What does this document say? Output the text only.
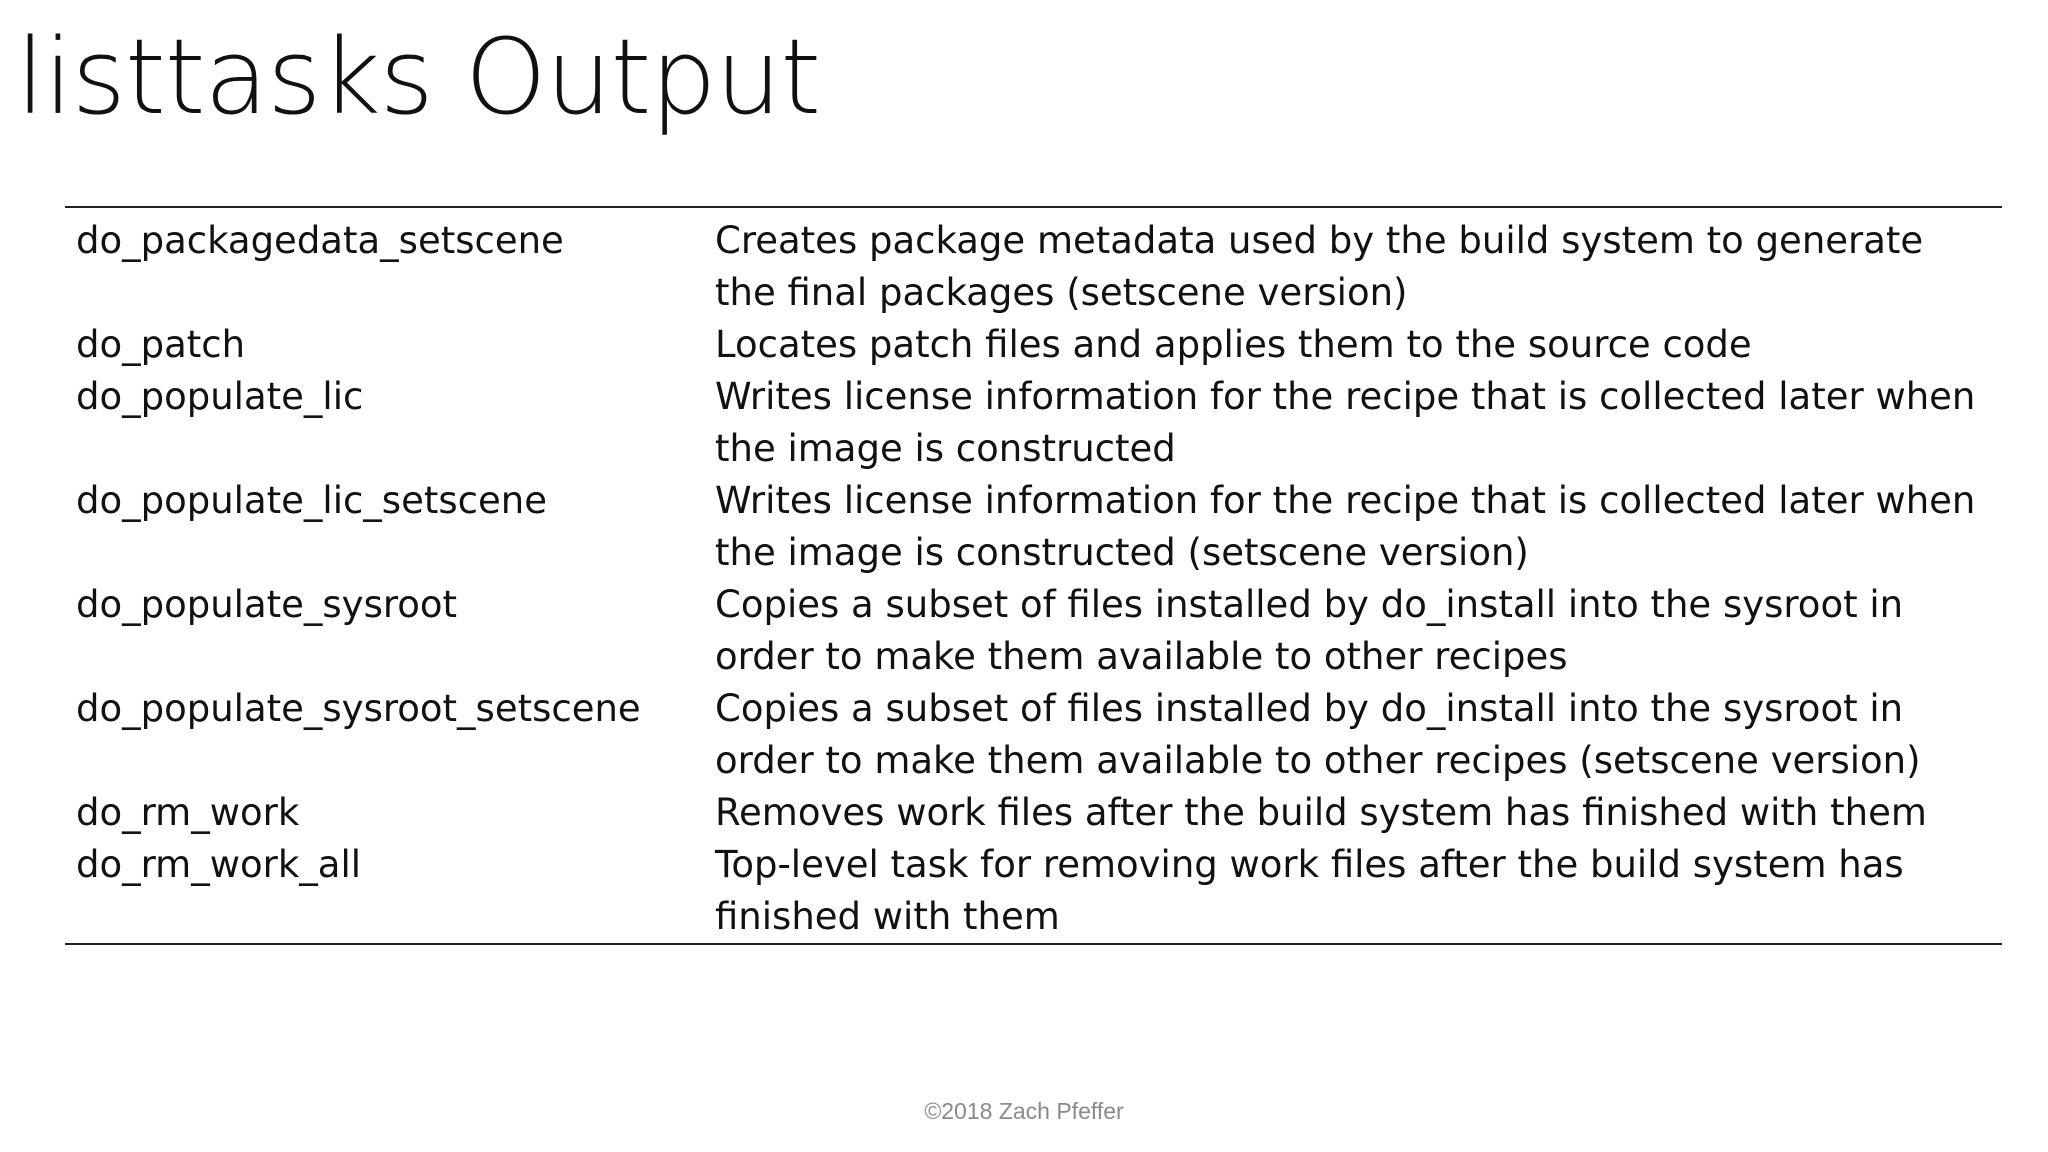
listtasks Output
do_packagedata_setscene	Creates package metadata used by the build system to generate the final packages (setscene version)
do_patch	Locates patch files and applies them to the source code
do_populate_lic	Writes license information for the recipe that is collected later when the image is constructed
do_populate_lic_setscene	Writes license information for the recipe that is collected later when the image is constructed (setscene version)
do_populate_sysroot	Copies a subset of files installed by do_install into the sysroot in order to make them available to other recipes
do_populate_sysroot_setscene	Copies a subset of files installed by do_install into the sysroot in order to make them available to other recipes (setscene version)
do_rm_work	Removes work files after the build system has finished with them
do_rm_work_all	Top-level task for removing work files after the build system has finished with them
©2018 Zach Pfeffer
